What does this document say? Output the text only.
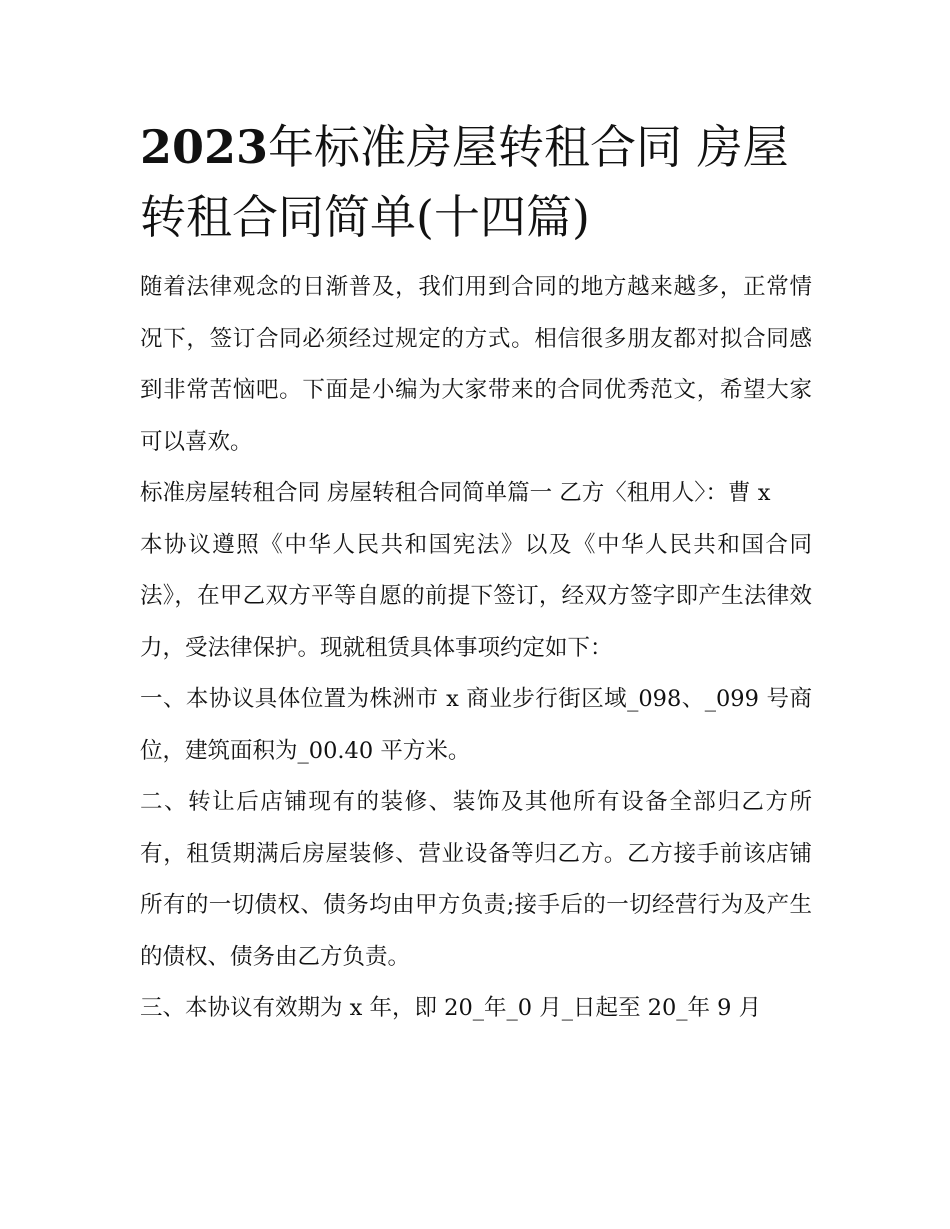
2023年标准房屋转租合同 房屋转租合同简单(十四篇)

随着法律观念的日渐普及，我们用到合同的地方越来越多，正常情况下，签订合同必须经过规定的方式。相信很多朋友都对拟合同感到非常苦恼吧。下面是小编为大家带来的合同优秀范文，希望大家可以喜欢。

标准房屋转租合同 房屋转租合同简单篇一 乙方〈租用人〉：曹 x

本协议遵照《中华人民共和国宪法》以及《中华人民共和国合同法》，在甲乙双方平等自愿的前提下签订，经双方签字即产生法律效力，受法律保护。现就租赁具体事项约定如下：

一、本协议具体位置为株洲市 x 商业步行街区域_098、_099 号商位，建筑面积为_00.40 平方米。

二、转让后店铺现有的装修、装饰及其他所有设备全部归乙方所有，租赁期满后房屋装修、营业设备等归乙方。乙方接手前该店铺所有的一切债权、债务均由甲方负责;接手后的一切经营行为及产生的债权、债务由乙方负责。

三、本协议有效期为 x 年，即 20_年_0 月_日起至 20_年 9 月
